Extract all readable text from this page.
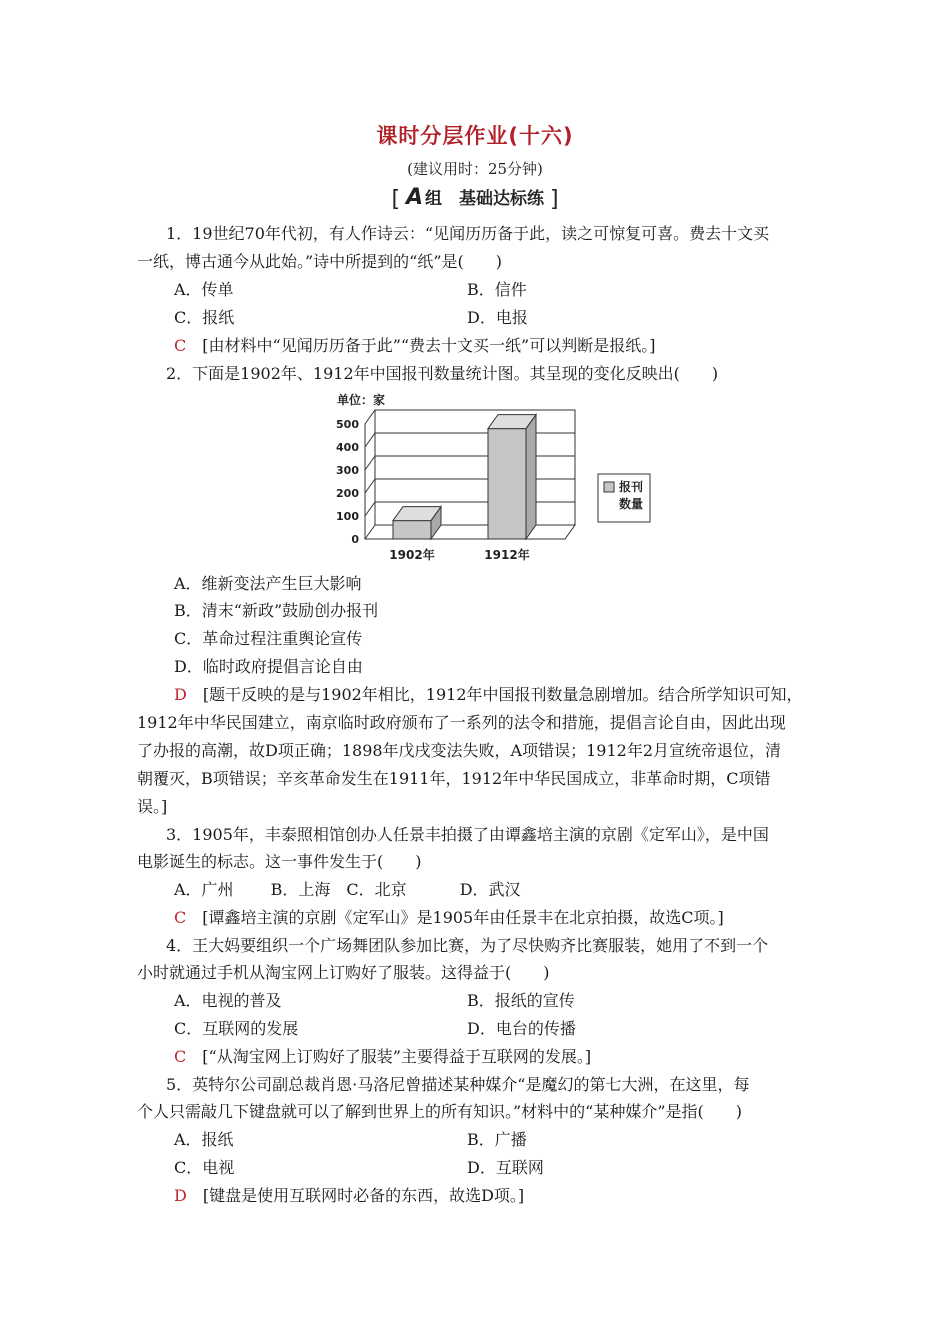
课时分层作业(十六)
(建议用时：25分钟)
[ A 组　基础达标练 ]
1．19世纪70年代初，有人作诗云：“见闻历历备于此，读之可惊复可喜。费去十文买
一纸，博古通今从此始。”诗中所提到的“纸”是(　　)
A．传单	B．信件
C．报纸	D．电报
C　 [由材料中“见闻历历备于此”“费去十文买一纸”可以判断是报纸。]
2．下面是1902年、1912年中国报刊数量统计图。其呈现的变化反映出(　　)
单位：家
0
100
200
300
400
500
1902年	1912年
报刊
数量
A．维新变法产生巨大影响
B．清末“新政”鼓励创办报刊
C．革命过程注重舆论宣传
D．临时政府提倡言论自由
D　 [题干反映的是与1902年相比，1912年中国报刊数量急剧增加。结合所学知识可知，
1912年中华民国建立，南京临时政府颁布了一系列的法令和措施，提倡言论自由，因此出现
了办报的高潮，故D项正确；1898年戊戌变法失败，A项错误；1912年2月宣统帝退位，清
朝覆灭，B项错误；辛亥革命发生在1911年，1912年中华民国成立，非革命时期，C项错
误。]
3．1905年，丰泰照相馆创办人任景丰拍摄了由谭鑫培主演的京剧《定军山》，是中国
电影诞生的标志。这一事件发生于(　　)
A．广州　　 B．上海　C．北京　　 　D．武汉
C　 [谭鑫培主演的京剧《定军山》是1905年由任景丰在北京拍摄，故选C项。]
4．王大妈要组织一个广场舞团队参加比赛，为了尽快购齐比赛服装，她用了不到一个
小时就通过手机从淘宝网上订购好了服装。这得益于(　　)
A．电视的普及	B．报纸的宣传
C．互联网的发展	D．电台的传播
C　 [“从淘宝网上订购好了服装”主要得益于互联网的发展。]
5．英特尔公司副总裁肖恩·马洛尼曾描述某种媒介“是魔幻的第七大洲，在这里，每
个人只需敲几下键盘就可以了解到世界上的所有知识。”材料中的“某种媒介”是指(　　)
A．报纸	B．广播
C．电视	D．互联网
D　 [键盘是使用互联网时必备的东西，故选D项。]
